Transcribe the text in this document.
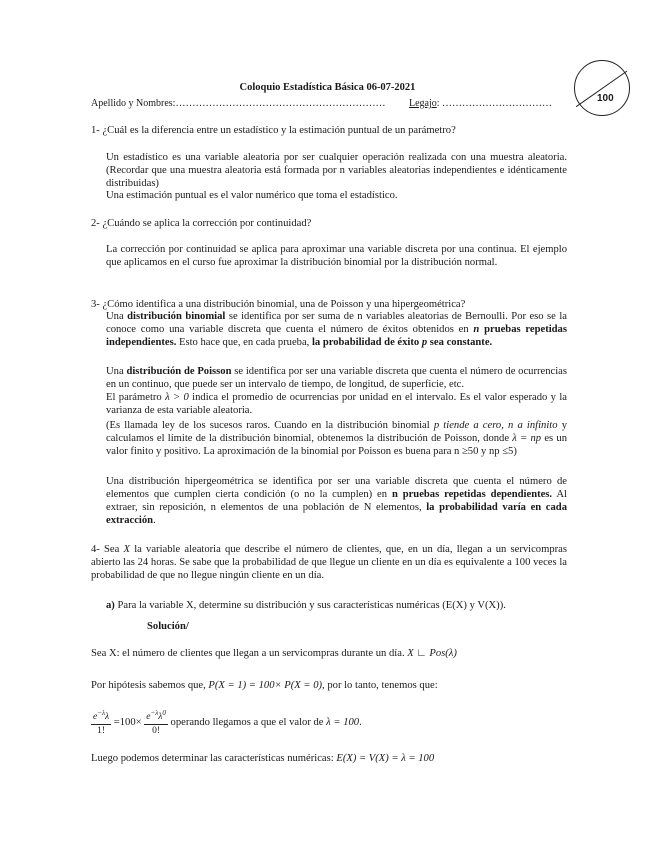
Coloquio Estadística Básica 06-07-2021
100
Apellido y Nombres:……………………………………………………… Legajo: ……………………………
1- ¿Cuál es la diferencia entre un estadístico y la estimación puntual de un parámetro?
Un estadístico es una variable aleatoria por ser cualquier operación realizada con una muestra aleatoria. (Recordar que una muestra aleatoria está formada por n variables aleatorias independientes e idénticamente distribuidas)
Una estimación puntual es el valor numérico que toma el estadístico.
2- ¿Cuándo se aplica la corrección por continuidad?
La corrección por continuidad se aplica para aproximar una variable discreta por una continua. El ejemplo que aplicamos en el curso fue aproximar la distribución binomial por la distribución normal.
3- ¿Cómo identifica a una distribución binomial, una de Poisson y una hipergeométrica?
Una distribución binomial se identifica por ser suma de n variables aleatorias de Bernoulli. Por eso se la conoce como una variable discreta que cuenta el número de éxitos obtenidos en n pruebas repetidas independientes. Esto hace que, en cada prueba, la probabilidad de éxito p sea constante.
Una distribución de Poisson se identifica por ser una variable discreta que cuenta el número de ocurrencias en un continuo, que puede ser un intervalo de tiempo, de longitud, de superficie, etc.
El parámetro λ > 0 indica el promedio de ocurrencias por unidad en el intervalo. Es el valor esperado y la varianza de esta variable aleatoria.
(Es llamada ley de los sucesos raros. Cuando en la distribución binomial p tiende a cero, n a infinito y calculamos el límite de la distribución binomial, obtenemos la distribución de Poisson, donde λ = np es un valor finito y positivo. La aproximación de la binomial por Poisson es buena para n ≥50 y np ≤5)
Una distribución hipergeométrica se identifica por ser una variable discreta que cuenta el número de elementos que cumplen cierta condición (o no la cumplen) en n pruebas repetidas dependientes. Al extraer, sin reposición, n elementos de una población de N elementos, la probabilidad varía en cada extracción.
4- Sea X la variable aleatoria que describe el número de clientes, que, en un día, llegan a un servicompras abierto las 24 horas. Se sabe que la probabilidad de que llegue un cliente en un día es equivalente a 100 veces la probabilidad de que no llegue ningún cliente en un día.
a) Para la variable X, determine su distribución y sus características numéricas (E(X) y V(X)).
Solución/
Sea X: el número de clientes que llegan a un servicompras durante un día. X ∟ Pos(λ)
Por hipótesis sabemos que, P(X = 1) = 100× P(X = 0), por lo tanto, tenemos que:
$\frac{e^{-\lambda}\lambda}{1!} =100\times \frac{e^{-\lambda}\lambda^0}{0!}$ operando llegamos a que el valor de λ = 100.
Luego podemos determinar las características numéricas: E(X) = V(X) = λ = 100
